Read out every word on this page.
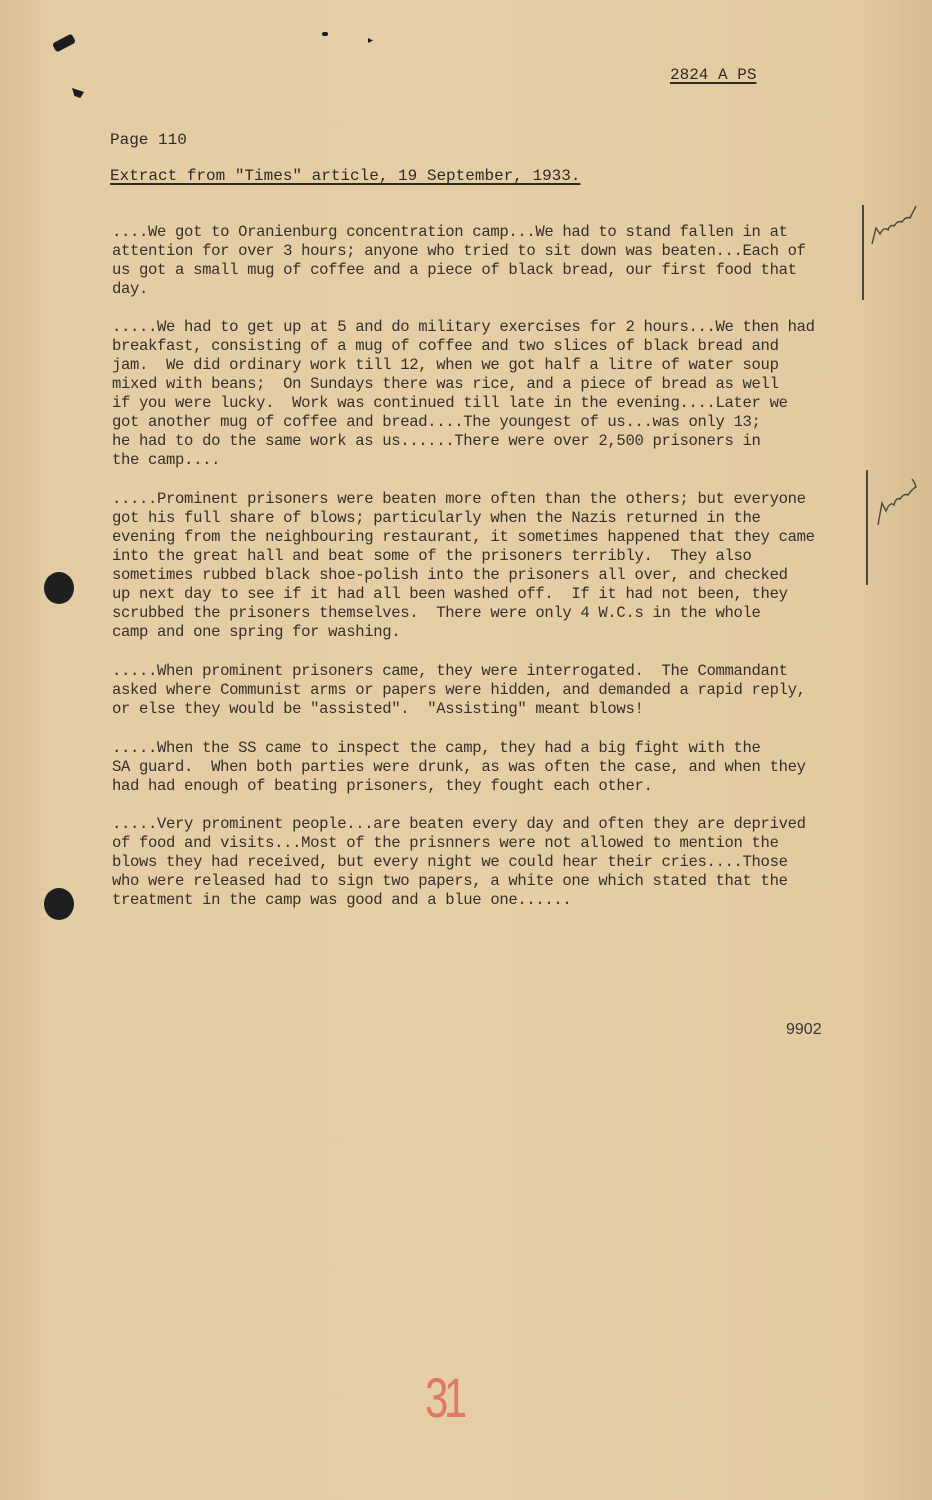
2824 A PS
Page 110
Extract from "Times" article, 19 September, 1933.
....We got to Oranienburg concentration camp...We had to stand fallen in at
attention for over 3 hours; anyone who tried to sit down was beaten...Each of
us got a small mug of coffee and a piece of black bread, our first food that
day.
.....We had to get up at 5 and do military exercises for 2 hours...We then had
breakfast, consisting of a mug of coffee and two slices of black bread and
jam.  We did ordinary work till 12, when we got half a litre of water soup
mixed with beans;  On Sundays there was rice, and a piece of bread as well
if you were lucky.  Work was continued till late in the evening....Later we
got another mug of coffee and bread....The youngest of us...was only 13;
he had to do the same work as us......There were over 2,500 prisoners in
the camp....
.....Prominent prisoners were beaten more often than the others; but everyone
got his full share of blows; particularly when the Nazis returned in the
evening from the neighbouring restaurant, it sometimes happened that they came
into the great hall and beat some of the prisoners terribly.  They also
sometimes rubbed black shoe-polish into the prisoners all over, and checked
up next day to see if it had all been washed off.  If it had not been, they
scrubbed the prisoners themselves.  There were only 4 W.C.s in the whole
camp and one spring for washing.
.....When prominent prisoners came, they were interrogated.  The Commandant
asked where Communist arms or papers were hidden, and demanded a rapid reply,
or else they would be "assisted".  "Assisting" meant blows!
.....When the SS came to inspect the camp, they had a big fight with the
SA guard.  When both parties were drunk, as was often the case, and when they
had had enough of beating prisoners, they fought each other.
.....Very prominent people...are beaten every day and often they are deprived
of food and visits...Most of the prisnners were not allowed to mention the
blows they had received, but every night we could hear their cries....Those
who were released had to sign two papers, a white one which stated that the
treatment in the camp was good and a blue one......
9902
31
